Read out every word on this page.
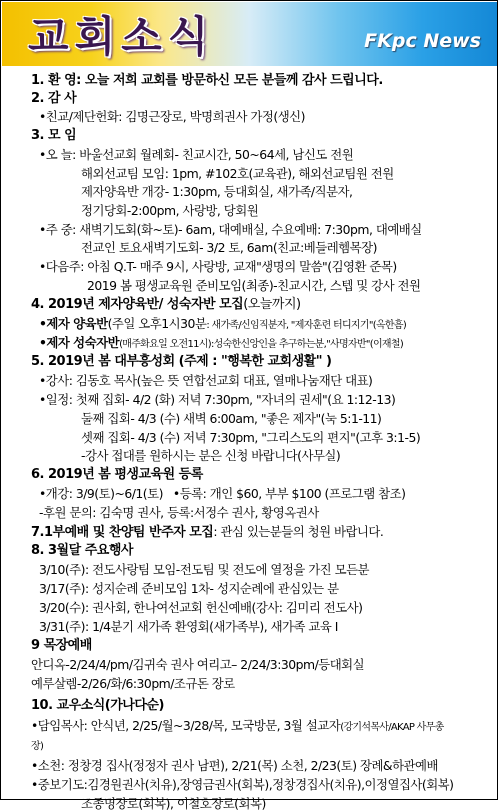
교회소식	FKpc News
1. 환 영: 오늘 저희 교회를 방문하신 모든 분들께 감사 드립니다.
2. 감 사
•친교/제단헌화: 김명근장로, 박명희권사 가정(생신)
3. 모 임
•오 늘: 바울선교회 월례회- 친교시간, 50~64세, 남신도 전원
해외선교팀 모임: 1pm, #102호(교육관), 해외선교팀원 전원
제자양육반 개강- 1:30pm, 등대회실, 새가족/직분자,
정기당회-2:00pm, 사랑방, 당회원
•주 중: 새벽기도회(화~토)- 6am, 대예배실, 수요예배: 7:30pm, 대예배실
전교인 토요새벽기도회- 3/2 토, 6am(친교:베들레헴목장)
•다음주: 아침 Q.T- 매주 9시, 사랑방, 교재"생명의 말씀"(김영환 준목)
2019 봄 평생교육원 준비모임(최종)-친교시간, 스텝 및 강사 전원
4. 2019년 제자양육반/ 성숙자반 모집(오늘까지)
•제자 양육반(주일 오후1시30분: 새가족/신임직분자, "제자훈련 터디지기"(옥한흠)
•제자 성숙자반(매주화요일 오전11시):성숙한신앙인을 추구하는분,"사명자반"(이재철)
5. 2019년 봄 대부흥성회 (주제 : "행복한 교회생활" )
•강사: 김동호 목사(높은 뜻 연합선교회 대표, 열매나눔재단 대표)
•일정: 첫째 집회- 4/2 (화) 저녁 7:30pm, "자녀의 권세"(요 1:12-13)
둘째 집회- 4/3 (수) 새벽 6:00am, "좋은 제자"(눅 5:1-11)
셋째 집회- 4/3 (수) 저녁 7:30pm, "그리스도의 편지"(고후 3:1-5)
-강사 접대를 원하시는 분은 신청 바랍니다(사무실)
6. 2019년 봄 평생교육원 등록
•개강: 3/9(토)~6/1(토) •등록: 개인 $60, 부부 $100 (프로그램 참조)
-후원 문의: 김숙명 권사, 등록:서정수 권사, 황영옥권사
7.1부예배 및 찬양팀 반주자 모집: 관심 있는분들의 청원 바랍니다.
8. 3월달 주요행사
3/10(주): 전도사랑팀 모임-전도팀 및 전도에 열정을 가진 모든분
3/17(주): 성지순례 준비모임 1차- 성지순례에 관심있는 분
3/20(수): 권사회, 한나여선교회 헌신예배(강사: 김미리 전도사)
3/31(주): 1/4분기 새가족 환영회(새가족부), 새가족 교육 I
9 목장예배
안디옥-2/24/4/pm/김귀숙 권사 여리고– 2/24/3:30pm/등대회실
예루살렘-2/26/화/6:30pm/조규돈 장로
10. 교우소식(가나다순)
•담임목사: 안식년, 2/25/월~3/28/목, 모국방문, 3월 설교자(강기석목사/AKAP 사무총
장)
•소천: 정창경 집사(정정자 권사 남편), 2/21(목) 소천, 2/23(토) 장례&하관예배
•중보기도:김경원권사(치유),장영금권사(회복),정창경집사(치유),이정열집사(회복)
조종명장로(회복), 이철호장로(회복)
